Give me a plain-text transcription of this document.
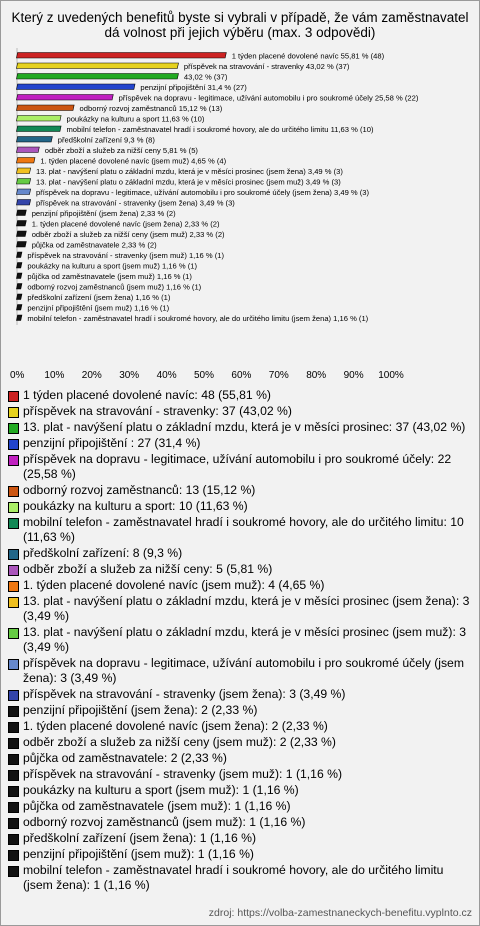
Který z uvedených benefitů byste si vybrali v případě, že vám zaměstnavatel dá volnost při jejich výběru (max. 3 odpovědi)
1 týden placené dovolené navíc 55,81 % (48)
příspěvek na stravování - stravenky 43,02 % (37)
43,02 % (37)
penzijní připojištění 31,4 % (27)
příspěvek na dopravu - legitimace, užívání automobilu i pro soukromé účely 25,58 % (22)
odborný rozvoj zaměstnanců 15,12 % (13)
poukázky na kulturu a sport 11,63 % (10)
mobilní telefon - zaměstnavatel hradí i soukromé hovory, ale do určitého limitu 11,63 % (10)
předškolní zařízení 9,3 % (8)
odběr zboží a služeb za nižší ceny 5,81 % (5)
1. týden placené dovolené navíc (jsem muž) 4,65 % (4)
13. plat - navýšení platu o základní mzdu, která je v měsíci prosinec (jsem žena) 3,49 % (3)
13. plat - navýšení platu o základní mzdu, která je v měsíci prosinec (jsem muž) 3,49 % (3)
příspěvek na dopravu - legitimace, užívání automobilu i pro soukromé účely (jsem žena) 3,49 % (3)
příspěvek na stravování - stravenky (jsem žena) 3,49 % (3)
penzijní připojištění (jsem žena) 2,33 % (2)
1. týden placené dovolené navíc (jsem žena) 2,33 % (2)
odběr zboží a služeb za nižší ceny (jsem muž) 2,33 % (2)
půjčka od zaměstnavatele 2,33 % (2)
příspěvek na stravování - stravenky (jsem muž) 1,16 % (1)
poukázky na kulturu a sport (jsem muž) 1,16 % (1)
půjčka od zaměstnavatele (jsem muž) 1,16 % (1)
odborný rozvoj zaměstnanců (jsem muž) 1,16 % (1)
předškolní zařízení (jsem žena) 1,16 % (1)
penzijní připojištění (jsem muž) 1,16 % (1)
mobilní telefon - zaměstnavatel hradí i soukromé hovory, ale do určitého limitu (jsem žena) 1,16 % (1)
0% 10% 20% 30% 40% 50% 60% 70% 80% 90% 100%
1 týden placené dovolené navíc: 48 (55,81 %)
příspěvek na stravování - stravenky: 37 (43,02 %)
13. plat - navýšení platu o základní mzdu, která je v měsíci prosinec: 37 (43,02 %)
penzijní připojištění : 27 (31,4 %)
příspěvek na dopravu - legitimace, užívání automobilu i pro soukromé účely: 22 (25,58 %)
odborný rozvoj zaměstnanců: 13 (15,12 %)
poukázky na kulturu a sport: 10 (11,63 %)
mobilní telefon - zaměstnavatel hradí i soukromé hovory, ale do určitého limitu: 10 (11,63 %)
předškolní zařízení: 8 (9,3 %)
odběr zboží a služeb za nižší ceny: 5 (5,81 %)
1. týden placené dovolené navíc (jsem muž): 4 (4,65 %)
13. plat - navýšení platu o základní mzdu, která je v měsíci prosinec (jsem žena): 3 (3,49 %)
13. plat - navýšení platu o základní mzdu, která je v měsíci prosinec (jsem muž): 3 (3,49 %)
příspěvek na dopravu - legitimace, užívání automobilu i pro soukromé účely (jsem žena): 3 (3,49 %)
příspěvek na stravování - stravenky (jsem žena): 3 (3,49 %)
penzijní připojištění (jsem žena): 2 (2,33 %)
1. týden placené dovolené navíc (jsem žena): 2 (2,33 %)
odběr zboží a služeb za nižší ceny (jsem muž): 2 (2,33 %)
půjčka od zaměstnavatele: 2 (2,33 %)
příspěvek na stravování - stravenky (jsem muž): 1 (1,16 %)
poukázky na kulturu a sport (jsem muž): 1 (1,16 %)
půjčka od zaměstnavatele (jsem muž): 1 (1,16 %)
odborný rozvoj zaměstnanců (jsem muž): 1 (1,16 %)
předškolní zařízení (jsem žena): 1 (1,16 %)
penzijní připojištění (jsem muž): 1 (1,16 %)
mobilní telefon - zaměstnavatel hradí i soukromé hovory, ale do určitého limitu (jsem žena): 1 (1,16 %)
zdroj: https://volba-zamestnaneckych-benefitu.vyplnto.cz
